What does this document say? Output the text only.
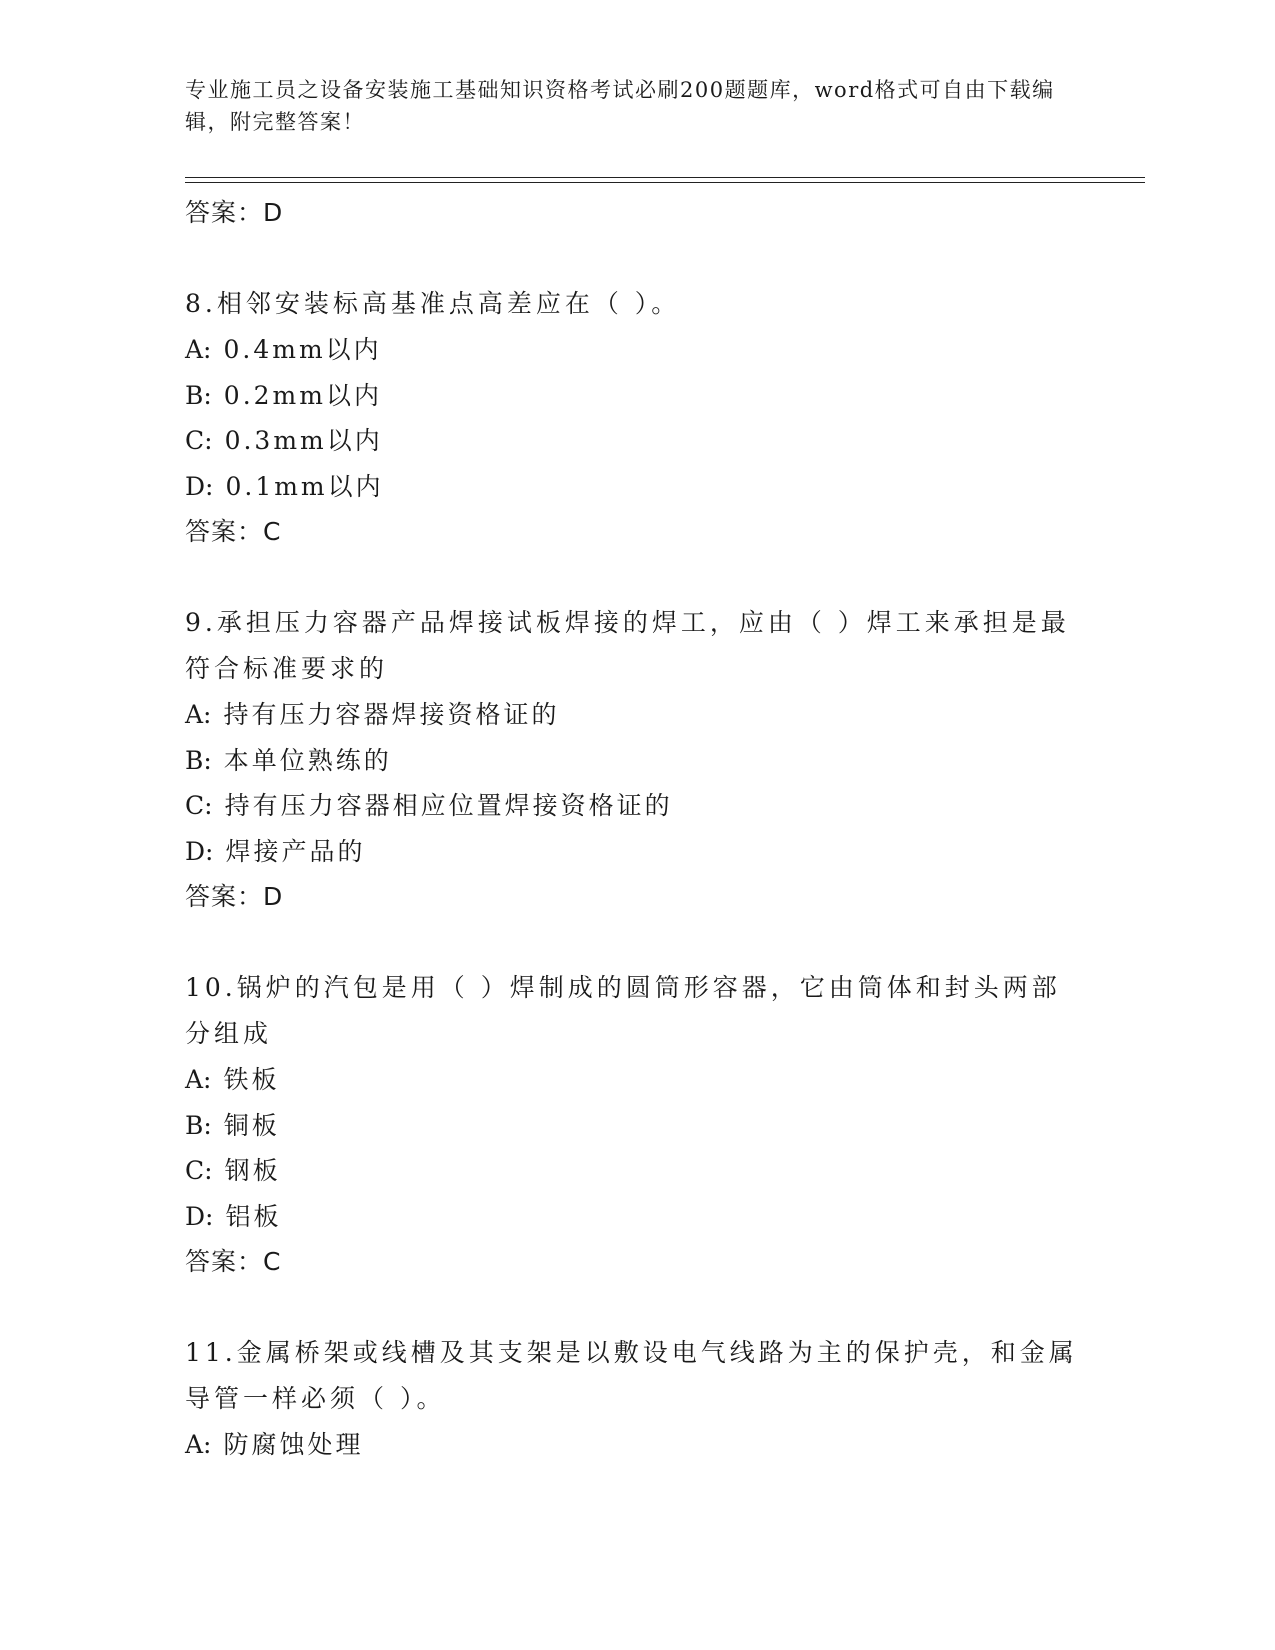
专业施工员之设备安装施工基础知识资格考试必刷200题题库，word格式可自由下载编辑，附完整答案！
答案：D
8.相邻安装标高基准点高差应在（ ）。
A: 0.4mm以内
B: 0.2mm以内
C: 0.3mm以内
D: 0.1mm以内
答案：C
9.承担压力容器产品焊接试板焊接的焊工，应由（ ）焊工来承担是最符合标准要求的
A: 持有压力容器焊接资格证的
B: 本单位熟练的
C: 持有压力容器相应位置焊接资格证的
D: 焊接产品的
答案：D
10.锅炉的汽包是用（ ）焊制成的圆筒形容器，它由筒体和封头两部分组成
A: 铁板
B: 铜板
C: 钢板
D: 铝板
答案：C
11.金属桥架或线槽及其支架是以敷设电气线路为主的保护壳，和金属导管一样必须（ ）。
A: 防腐蚀处理
